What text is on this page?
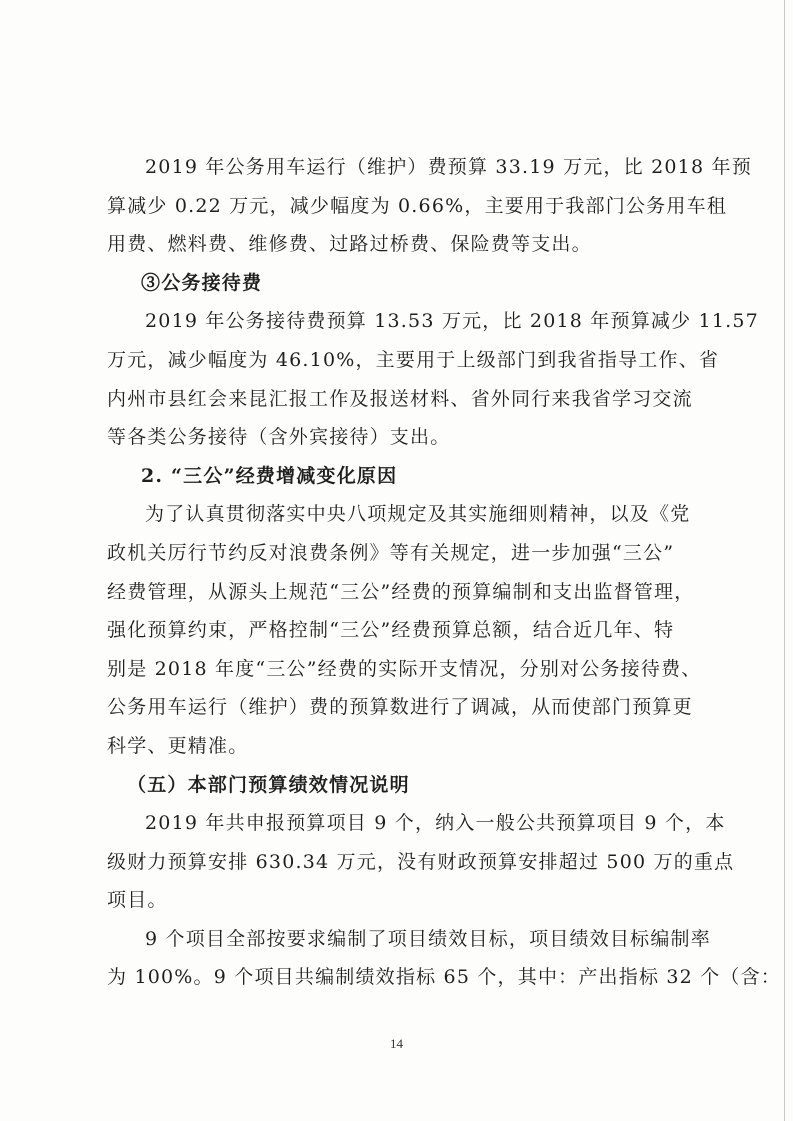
2019 年公务用车运行（维护）费预算 33.19 万元，比 2018 年预
算减少 0.22 万元，减少幅度为 0.66%，主要用于我部门公务用车租
用费、燃料费、维修费、过路过桥费、保险费等支出。
③公务接待费
2019 年公务接待费预算 13.53 万元，比 2018 年预算减少 11.57
万元，减少幅度为 46.10%，主要用于上级部门到我省指导工作、省
内州市县红会来昆汇报工作及报送材料、省外同行来我省学习交流
等各类公务接待（含外宾接待）支出。
2. “三公”经费增减变化原因
为了认真贯彻落实中央八项规定及其实施细则精神，以及《党
政机关厉行节约反对浪费条例》等有关规定，进一步加强“三公”
经费管理，从源头上规范“三公”经费的预算编制和支出监督管理，
强化预算约束，严格控制“三公”经费预算总额，结合近几年、特
别是 2018 年度“三公”经费的实际开支情况，分别对公务接待费、
公务用车运行（维护）费的预算数进行了调减，从而使部门预算更
科学、更精准。
（五）本部门预算绩效情况说明
2019 年共申报预算项目 9 个，纳入一般公共预算项目 9 个，本
级财力预算安排 630.34 万元，没有财政预算安排超过 500 万的重点
项目。
9 个项目全部按要求编制了项目绩效目标，项目绩效目标编制率
为 100%。9 个项目共编制绩效指标 65 个，其中：产出指标 32 个（含：
14
